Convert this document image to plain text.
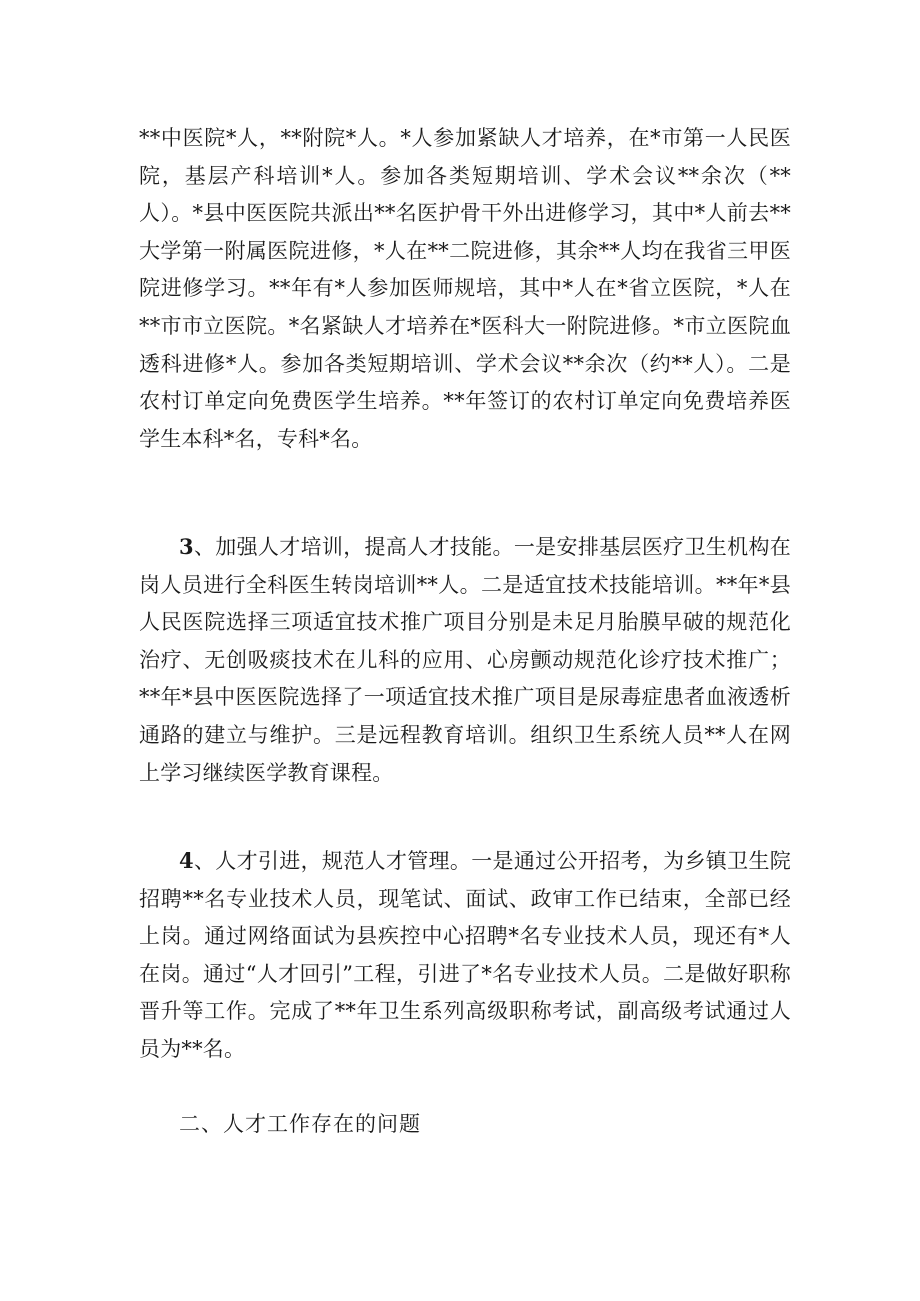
**中医院*人，**附院*人。*人参加紧缺人才培养，在*市第一人民医院，基层产科培训*人。参加各类短期培训、学术会议**余次（**人）。*县中医医院共派出**名医护骨干外出进修学习，其中*人前去**大学第一附属医院进修，*人在**二院进修，其余**人均在我省三甲医院进修学习。**年有*人参加医师规培，其中*人在*省立医院，*人在**市市立医院。*名紧缺人才培养在*医科大一附院进修。*市立医院血透科进修*人。参加各类短期培训、学术会议**余次（约**人）。二是农村订单定向免费医学生培养。**年签订的农村订单定向免费培养医学生本科*名，专科*名。

3、加强人才培训，提高人才技能。一是安排基层医疗卫生机构在岗人员进行全科医生转岗培训**人。二是适宜技术技能培训。**年*县人民医院选择三项适宜技术推广项目分别是未足月胎膜早破的规范化治疗、无创吸痰技术在儿科的应用、心房颤动规范化诊疗技术推广；**年*县中医医院选择了一项适宜技术推广项目是尿毒症患者血液透析通路的建立与维护。三是远程教育培训。组织卫生系统人员**人在网上学习继续医学教育课程。

4、人才引进，规范人才管理。一是通过公开招考，为乡镇卫生院招聘**名专业技术人员，现笔试、面试、政审工作已结束，全部已经上岗。通过网络面试为县疾控中心招聘*名专业技术人员，现还有*人在岗。通过“人才回引”工程，引进了*名专业技术人员。二是做好职称晋升等工作。完成了**年卫生系列高级职称考试，副高级考试通过人员为**名。

二、人才工作存在的问题
